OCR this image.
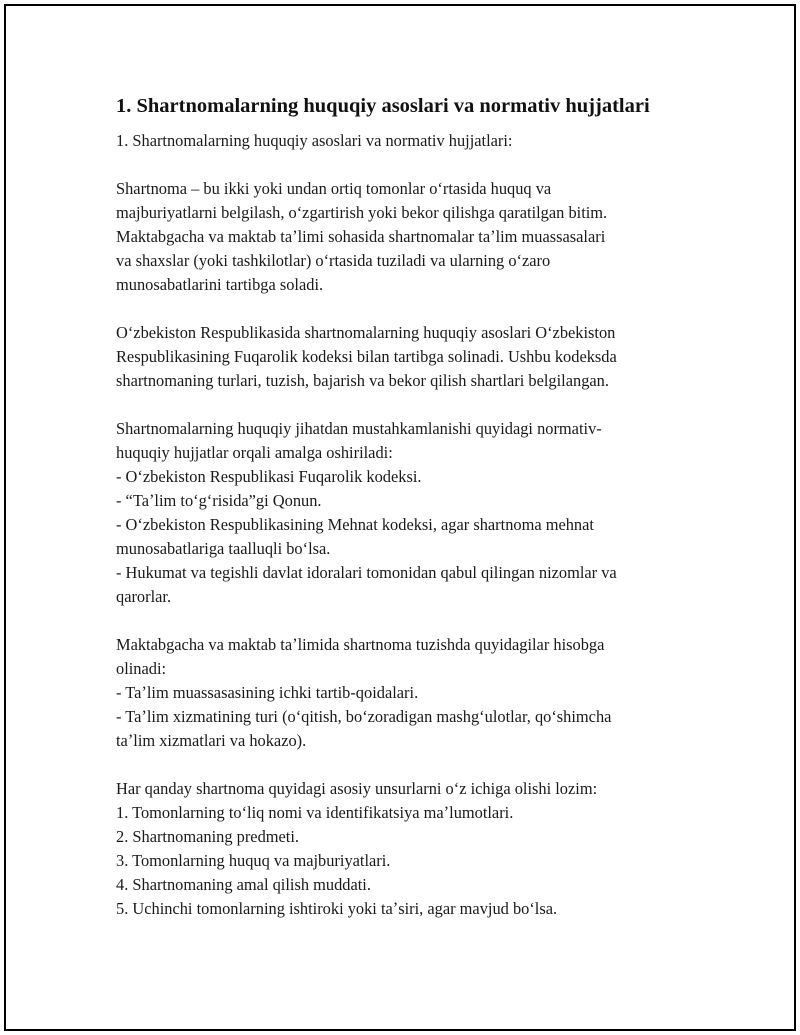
1. Shartnomalarning huquqiy asoslari va normativ hujjatlari

1. Shartnomalarning huquqiy asoslari va normativ hujjatlari:

Shartnoma – bu ikki yoki undan ortiq tomonlar oʻrtasida huquq va
majburiyatlarni belgilash, oʻzgartirish yoki bekor qilishga qaratilgan bitim.
Maktabgacha va maktab taʼlimi sohasida shartnomalar taʼlim muassasalari
va shaxslar (yoki tashkilotlar) oʻrtasida tuziladi va ularning oʻzaro
munosabatlarini tartibga soladi.

Oʻzbekiston Respublikasida shartnomalarning huquqiy asoslari Oʻzbekiston
Respublikasining Fuqarolik kodeksi bilan tartibga solinadi. Ushbu kodeksda
shartnomaning turlari, tuzish, bajarish va bekor qilish shartlari belgilangan.

Shartnomalarning huquqiy jihatdan mustahkamlanishi quyidagi normativ-
huquqiy hujjatlar orqali amalga oshiriladi:
- Oʻzbekiston Respublikasi Fuqarolik kodeksi.
- “Taʼlim toʻgʻrisida”gi Qonun.
- Oʻzbekiston Respublikasining Mehnat kodeksi, agar shartnoma mehnat
munosabatlariga taalluqli boʻlsa.
- Hukumat va tegishli davlat idoralari tomonidan qabul qilingan nizomlar va
qarorlar.

Maktabgacha va maktab taʼlimida shartnoma tuzishda quyidagilar hisobga
olinadi:
- Taʼlim muassasasining ichki tartib-qoidalari.
- Taʼlim xizmatining turi (oʻqitish, boʻzoradigan mashgʻulotlar, qoʻshimcha
taʼlim xizmatlari va hokazo).

Har qanday shartnoma quyidagi asosiy unsurlarni oʻz ichiga olishi lozim:
1. Tomonlarning toʻliq nomi va identifikatsiya maʼlumotlari.
2. Shartnomaning predmeti.
3. Tomonlarning huquq va majburiyatlari.
4. Shartnomaning amal qilish muddati.
5. Uchinchi tomonlarning ishtiroki yoki taʼsiri, agar mavjud boʻlsa.
